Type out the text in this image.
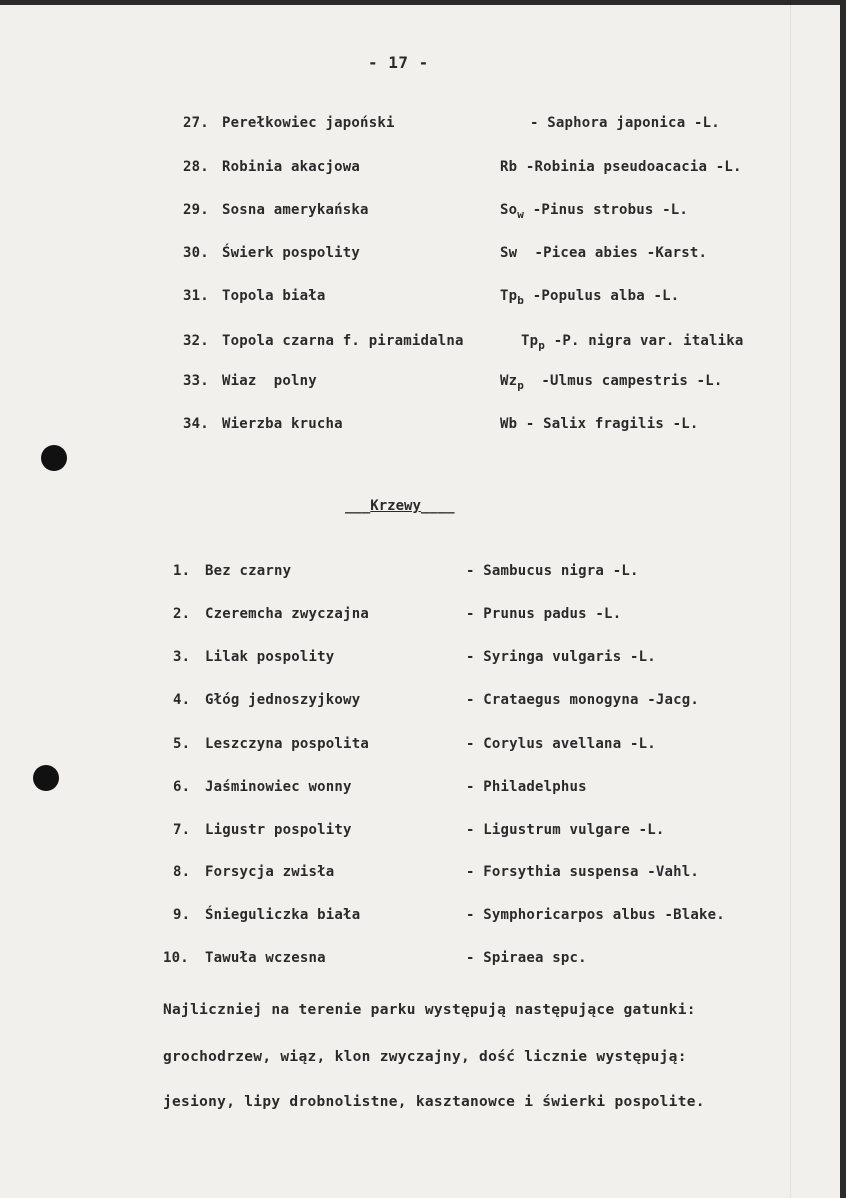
- 17 -
27. Perełkowiec japoński	- Saphora japonica -L.
28. Robinia akacjowa	Rb -Robinia pseudoacacia -L.
29. Sosna amerykańska	$So_w$ -Pinus strobus -L.
30. Świerk pospolity	Sw  -Picea abies -Karst.
31. Topola biała	$Tp_b$ -Populus alba -L.
32. Topola czarna f. piramidalna	$Tp_p$ -P. nigra var. italika
33. Wiaz  polny	$Wz_p$  -Ulmus campestris -L.
34. Wierzba krucha	Wb - Salix fragilis -L.
___Krzewy____
1. Bez czarny	- Sambucus nigra -L.
2. Czeremcha zwyczajna	- Prunus padus -L.
3. Lilak pospolity	- Syringa vulgaris -L.
4. Głóg jednoszyjkowy	- Crataegus monogyna -Jacg.
5. Leszczyna pospolita	- Corylus avellana -L.
6. Jaśminowiec wonny	- Philadelphus
7. Ligustr pospolity	- Ligustrum vulgare -L.
8. Forsycja zwisła	- Forsythia suspensa -Vahl.
9. Śnieguliczka biała	- Symphoricarpos albus -Blake.
10. Tawuła wczesna	- Spiraea spc.
Najliczniej na terenie parku występują następujące gatunki:
grochodrzew, wiąz, klon zwyczajny, dość licznie występują:
jesiony, lipy drobnolistne, kasztanowce i świerki pospolite.
